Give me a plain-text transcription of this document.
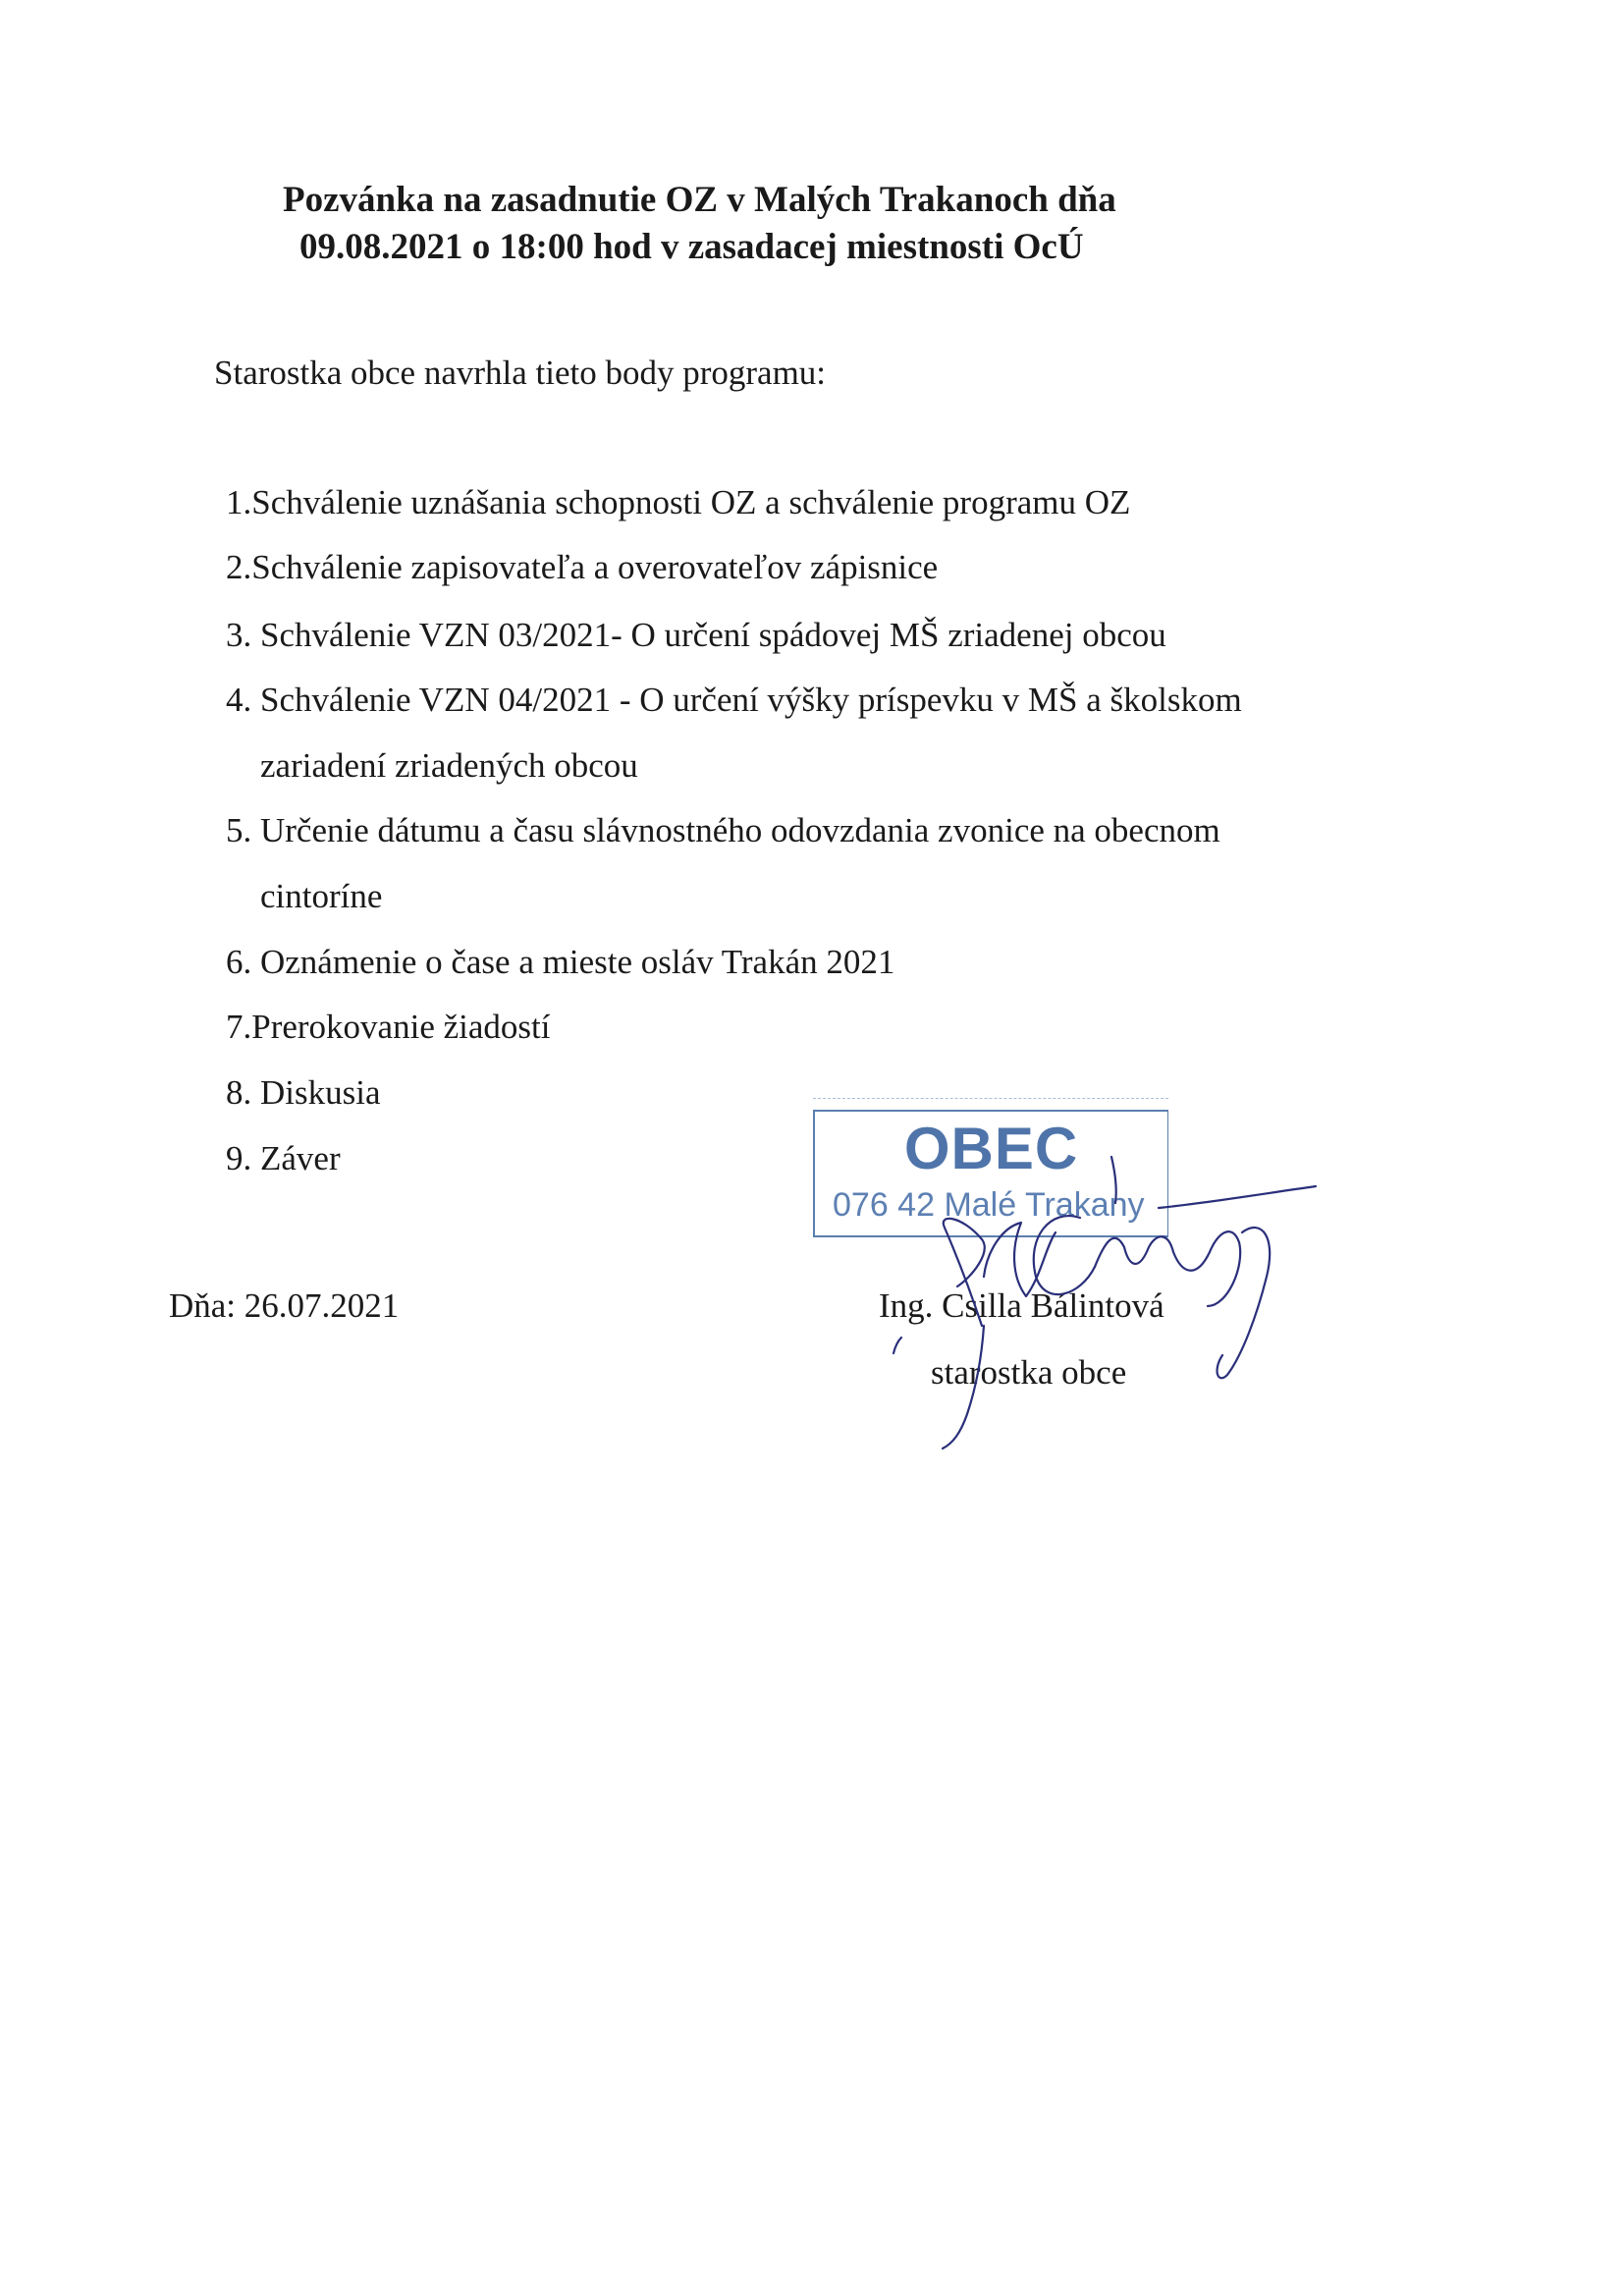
Pozvánka na zasadnutie OZ v Malých Trakanoch dňa
09.08.2021 o 18:00 hod v zasadacej miestnosti OcÚ
Starostka obce navrhla tieto body programu:
1.Schválenie uznášania schopnosti OZ a schválenie programu OZ
2.Schválenie zapisovateľa a overovateľov zápisnice
3. Schválenie VZN 03/2021- O určení spádovej MŠ zriadenej obcou
4. Schválenie VZN 04/2021 - O určení výšky príspevku v MŠ a školskom
zariadení zriadených obcou
5. Určenie dátumu a času slávnostného odovzdania zvonice na obecnom
cintoríne
6. Oznámenie o čase a mieste osláv Trakán 2021
7.Prerokovanie žiadostí
8. Diskusia
9. Záver
Dňa: 26.07.2021
OBEC
076 42 Malé Trakany
Ing. Csilla Bálintová
starostka obce
